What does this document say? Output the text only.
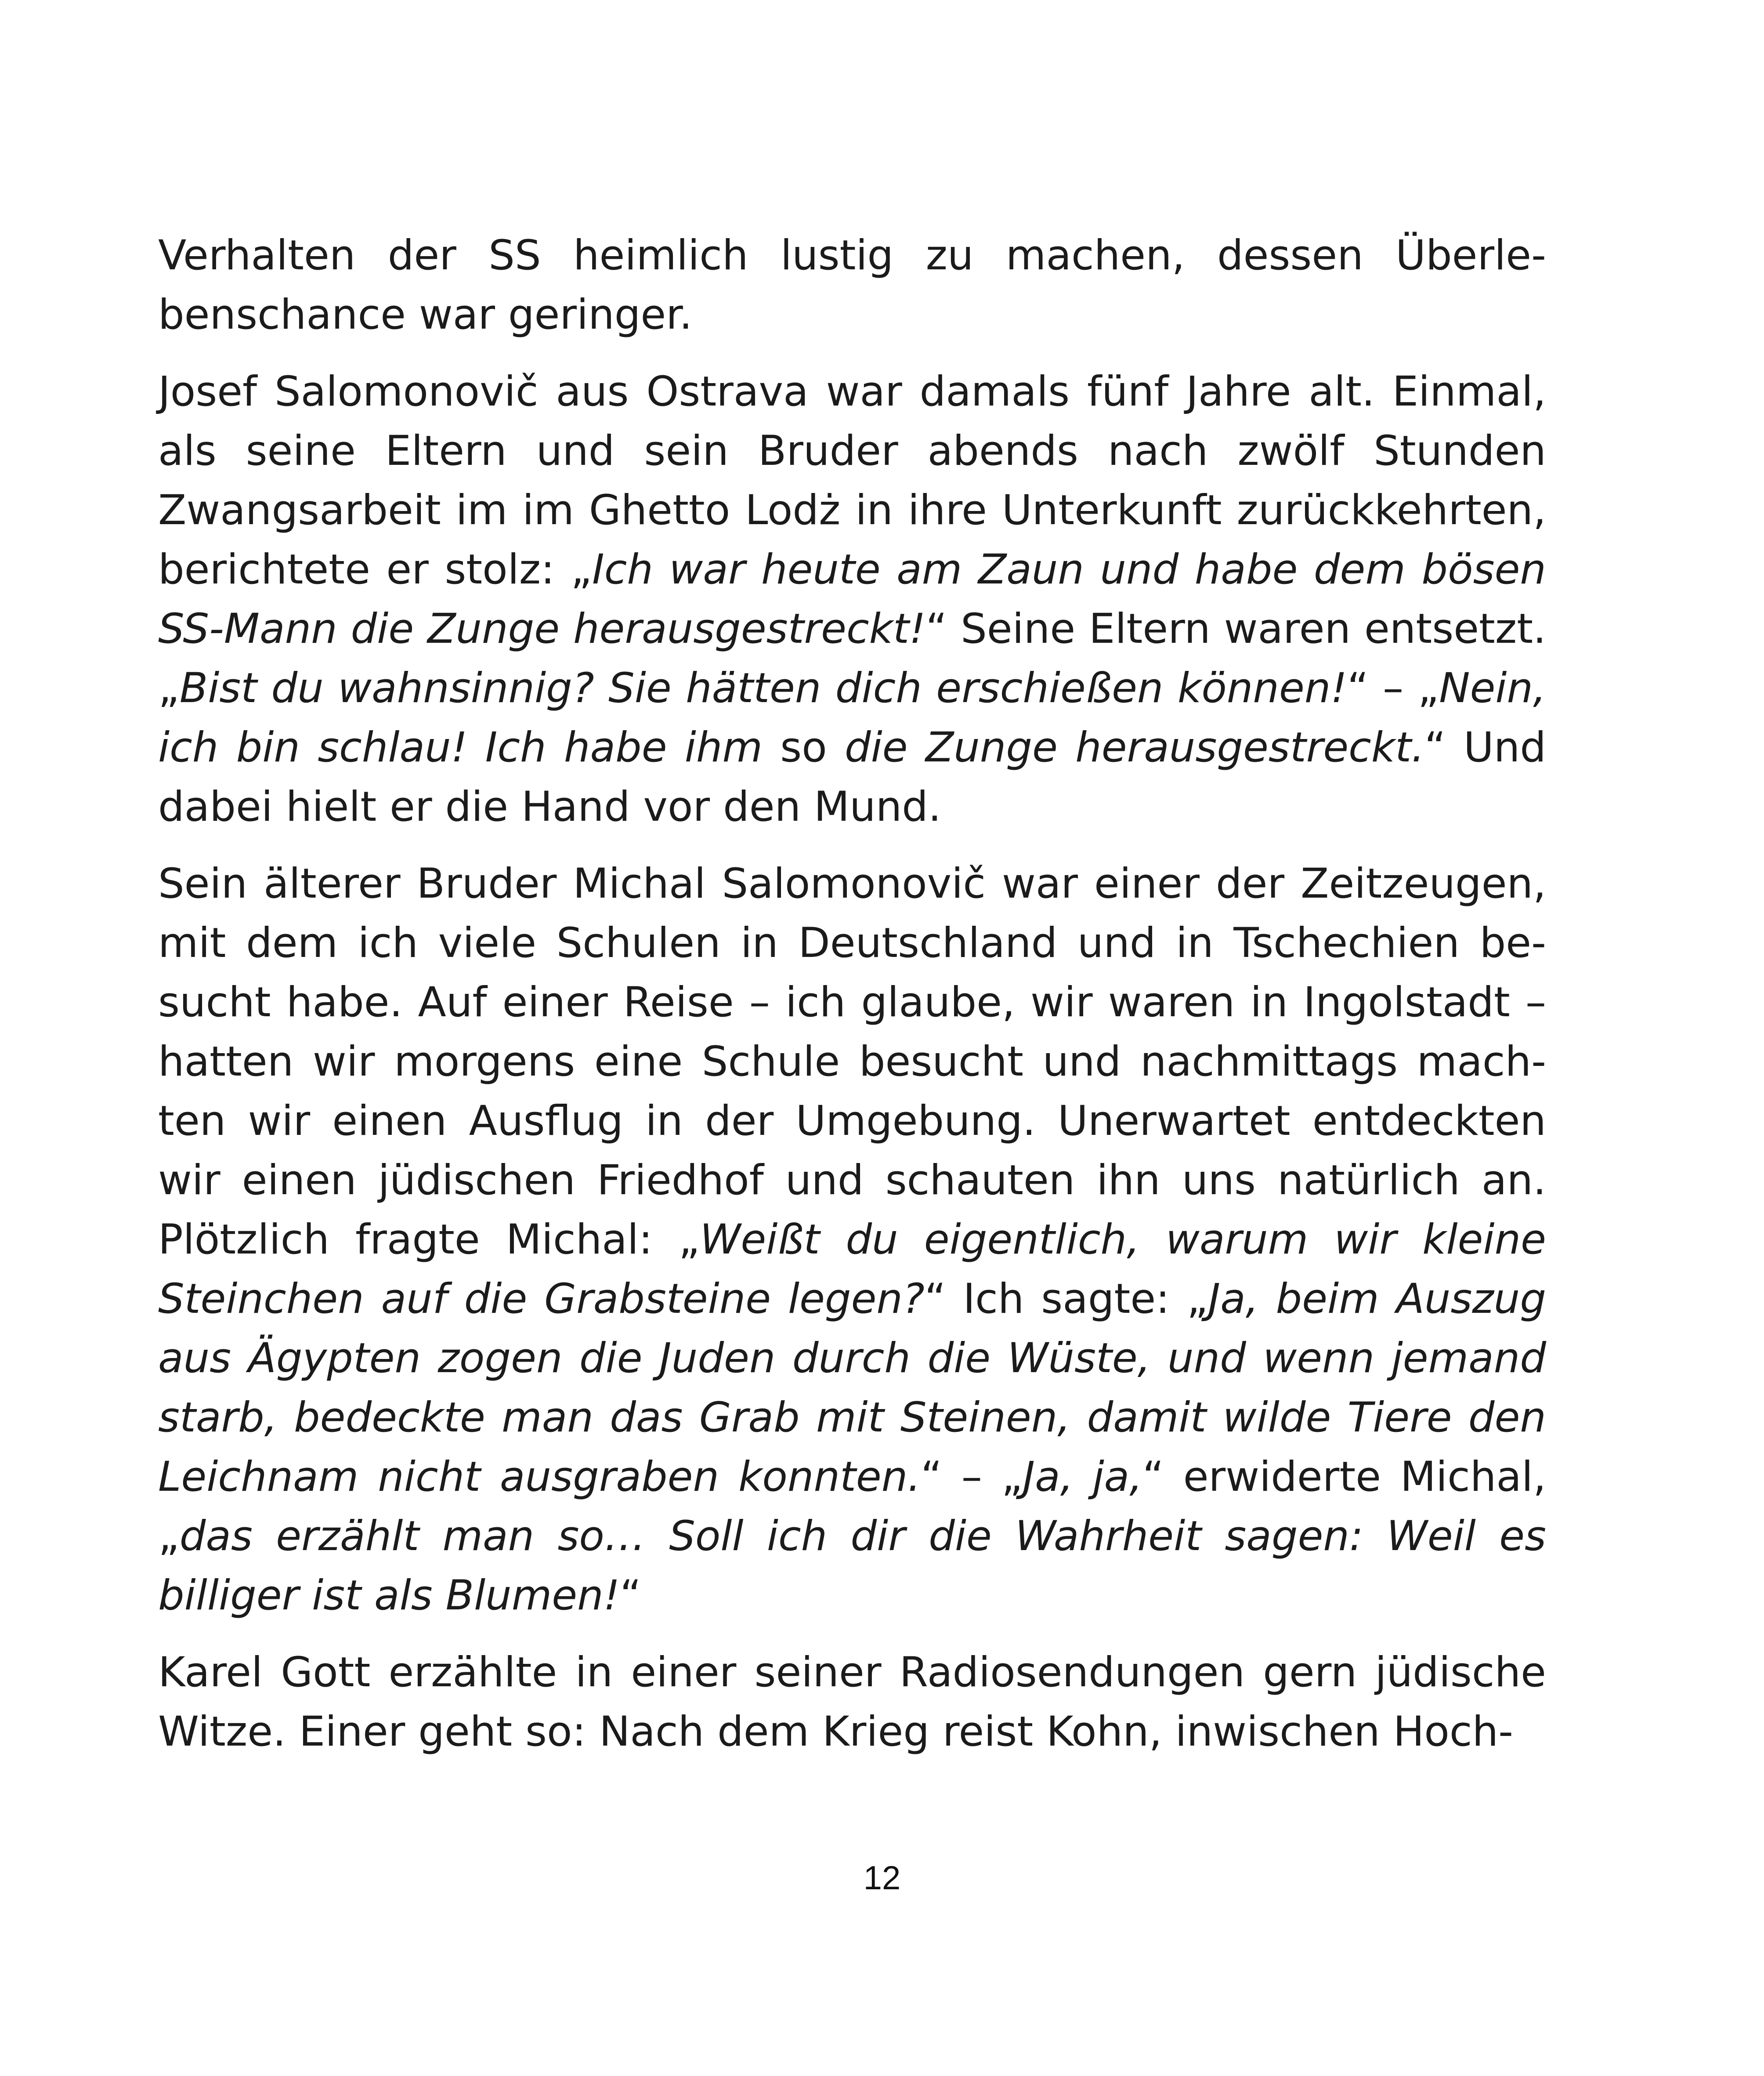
Verhalten der SS heimlich lustig zu machen, dessen Überlebenschance war geringer.

Josef Salomonovič aus Ostrava war damals fünf Jahre alt. Einmal, als seine Eltern und sein Bruder abends nach zwölf Stunden Zwangsarbeit im im Ghetto Lodż in ihre Unterkunft zurückkehrten, berichtete er stolz: „Ich war heute am Zaun und habe dem bösen SS-Mann die Zunge herausgestreckt!“ Seine Eltern waren entsetzt. „Bist du wahnsinnig? Sie hätten dich erschießen können!“ – „Nein, ich bin schlau! Ich habe ihm so die Zunge herausgestreckt.“ Und dabei hielt er die Hand vor den Mund.

Sein älterer Bruder Michal Salomonovič war einer der Zeitzeugen, mit dem ich viele Schulen in Deutschland und in Tschechien besucht habe. Auf einer Reise – ich glaube, wir waren in Ingolstadt – hatten wir morgens eine Schule besucht und nachmittags machten wir einen Ausflug in der Umgebung. Unerwartet entdeckten wir einen jüdischen Friedhof und schauten ihn uns natürlich an. Plötzlich fragte Michal: „Weißt du eigentlich, warum wir kleine Steinchen auf die Grabsteine legen?“ Ich sagte: „Ja, beim Auszug aus Ägypten zogen die Juden durch die Wüste, und wenn jemand starb, bedeckte man das Grab mit Steinen, damit wilde Tiere den Leichnam nicht ausgraben konnten.“ – „Ja, ja,“ erwiderte Michal, „das erzählt man so… Soll ich dir die Wahrheit sagen: Weil es billiger ist als Blumen!“

Karel Gott erzählte in einer seiner Radiosendungen gern jüdische Witze. Einer geht so: Nach dem Krieg reist Kohn, inwischen Hoch-

12
